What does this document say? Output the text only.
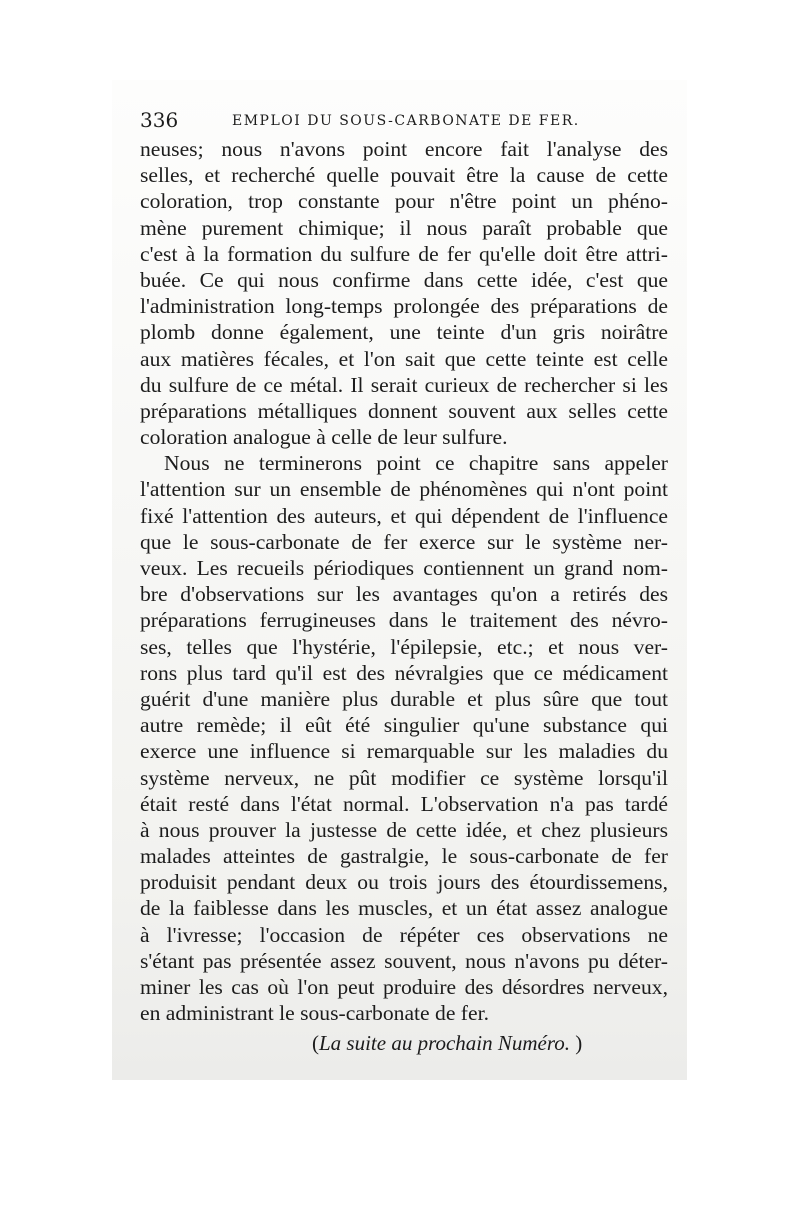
336	EMPLOI DU SOUS-CARBONATE DE FER.
neuses; nous n'avons point encore fait l'analyse des
selles, et recherché quelle pouvait être la cause de cette
coloration, trop constante pour n'être point un phéno-
mène purement chimique; il nous paraît probable que
c'est à la formation du sulfure de fer qu'elle doit être attri-
buée. Ce qui nous confirme dans cette idée, c'est que
l'administration long-temps prolongée des préparations de
plomb donne également, une teinte d'un gris noirâtre
aux matières fécales, et l'on sait que cette teinte est celle
du sulfure de ce métal. Il serait curieux de rechercher si les
préparations métalliques donnent souvent aux selles cette
coloration analogue à celle de leur sulfure.
Nous ne terminerons point ce chapitre sans appeler
l'attention sur un ensemble de phénomènes qui n'ont point
fixé l'attention des auteurs, et qui dépendent de l'influence
que le sous-carbonate de fer exerce sur le système ner-
veux. Les recueils périodiques contiennent un grand nom-
bre d'observations sur les avantages qu'on a retirés des
préparations ferrugineuses dans le traitement des névro-
ses, telles que l'hystérie, l'épilepsie, etc.; et nous ver-
rons plus tard qu'il est des névralgies que ce médicament
guérit d'une manière plus durable et plus sûre que tout
autre remède; il eût été singulier qu'une substance qui
exerce une influence si remarquable sur les maladies du
système nerveux, ne pût modifier ce système lorsqu'il
était resté dans l'état normal. L'observation n'a pas tardé
à nous prouver la justesse de cette idée, et chez plusieurs
malades atteintes de gastralgie, le sous-carbonate de fer
produisit pendant deux ou trois jours des étourdissemens,
de la faiblesse dans les muscles, et un état assez analogue
à l'ivresse; l'occasion de répéter ces observations ne
s'étant pas présentée assez souvent, nous n'avons pu déter-
miner les cas où l'on peut produire des désordres nerveux,
en administrant le sous-carbonate de fer.
(La suite au prochain Numéro. )
